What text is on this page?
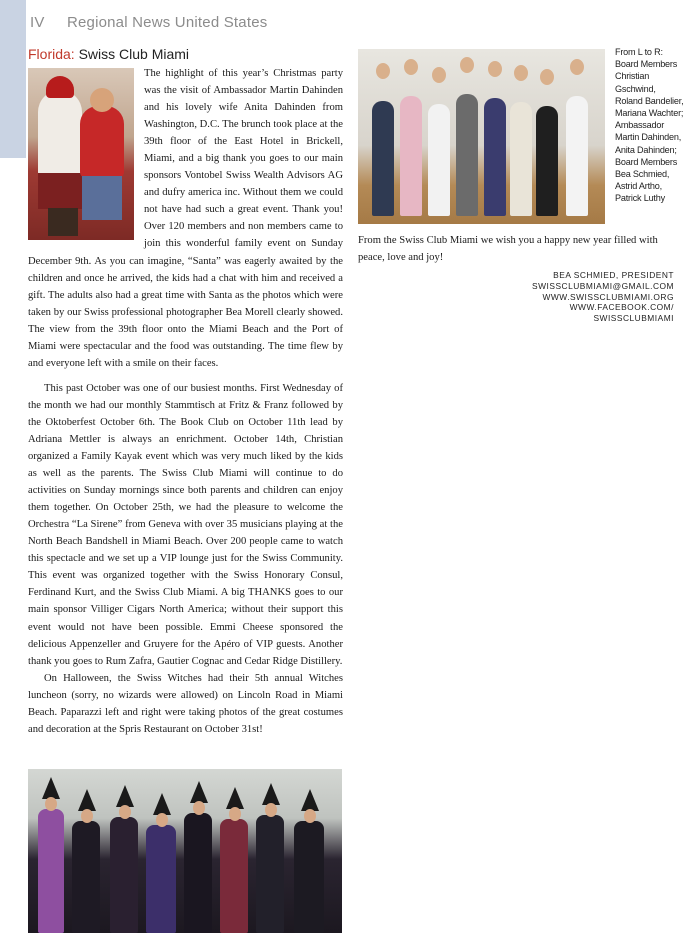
IV Regional News United States
Florida: Swiss Club Miami

The highlight of this year’s Christmas party was the visit of Ambassador Martin Dahinden and his lovely wife Anita Dahinden from Washington, D.C. The brunch took place at the 39th floor of the East Hotel in Brickell, Miami, and a big thank you goes to our main sponsors Vontobel Swiss Wealth Advisors AG and dufry america inc. Without them we could not have had such a great event. Thank you! Over 120 members and non members came to join this wonderful family event on Sunday December 9th. As you can imagine, “Santa” was eagerly awaited by the children and once he arrived, the kids had a chat with him and received a gift. The adults also had a great time with Santa as the photos which were taken by our Swiss professional photographer Bea Morell clearly showed. The view from the 39th floor onto the Miami Beach and the Port of Miami were spectacular and the food was outstanding. The time flew by and everyone left with a smile on their faces.

This past October was one of our busiest months. First Wednesday of the month we had our monthly Stammtisch at Fritz & Franz followed by the Oktoberfest October 6th. The Book Club on October 11th lead by Adriana Mettler is always an enrichment. October 14th, Christian organized a Family Kayak event which was very much liked by the kids as well as the parents. The Swiss Club Miami will continue to do activities on Sunday mornings since both parents and children can enjoy them together. On October 25th, we had the pleasure to welcome the Orchestra “La Sirene” from Geneva with over 35 musicians playing at the North Beach Bandshell in Miami Beach. Over 200 people came to watch this spectacle and we set up a VIP lounge just for the Swiss Community. This event was organized together with the Swiss Honorary Consul, Ferdinand Kurt, and the Swiss Club Miami. A big THANKS goes to our main sponsor Villiger Cigars North America; without their support this event would not have been possible. Emmi Cheese sponsored the delicious Appenzeller and Gruyere for the Apéro of VIP guests. Another thank you goes to Rum Zafra, Gautier Cognac and Cedar Ridge Distillery.

On Halloween, the Swiss Witches had their 5th annual Witches luncheon (sorry, no wizards were allowed) on Lincoln Road in Miami Beach. Paparazzi left and right were taking photos of the great costumes and decoration at the Spris Restaurant on October 31st!

From L to R:
Board Members
Christian
Gschwind,
Roland Bandelier,
Mariana Wachter;
Ambassador
Martin Dahinden,
Anita Dahinden;
Board Members
Bea Schmied,
Astrid Artho,
Patrick Luthy
From the Swiss Club Miami we wish you a happy new year filled with peace, love and joy!
BEA SCHMIED, PRESIDENT
SWISSCLUBMIAMI@GMAIL.COM
WWW.SWISSCLUBMIAMI.ORG
WWW.FACEBOOK.COM/
SWISSCLUBMIAMI
